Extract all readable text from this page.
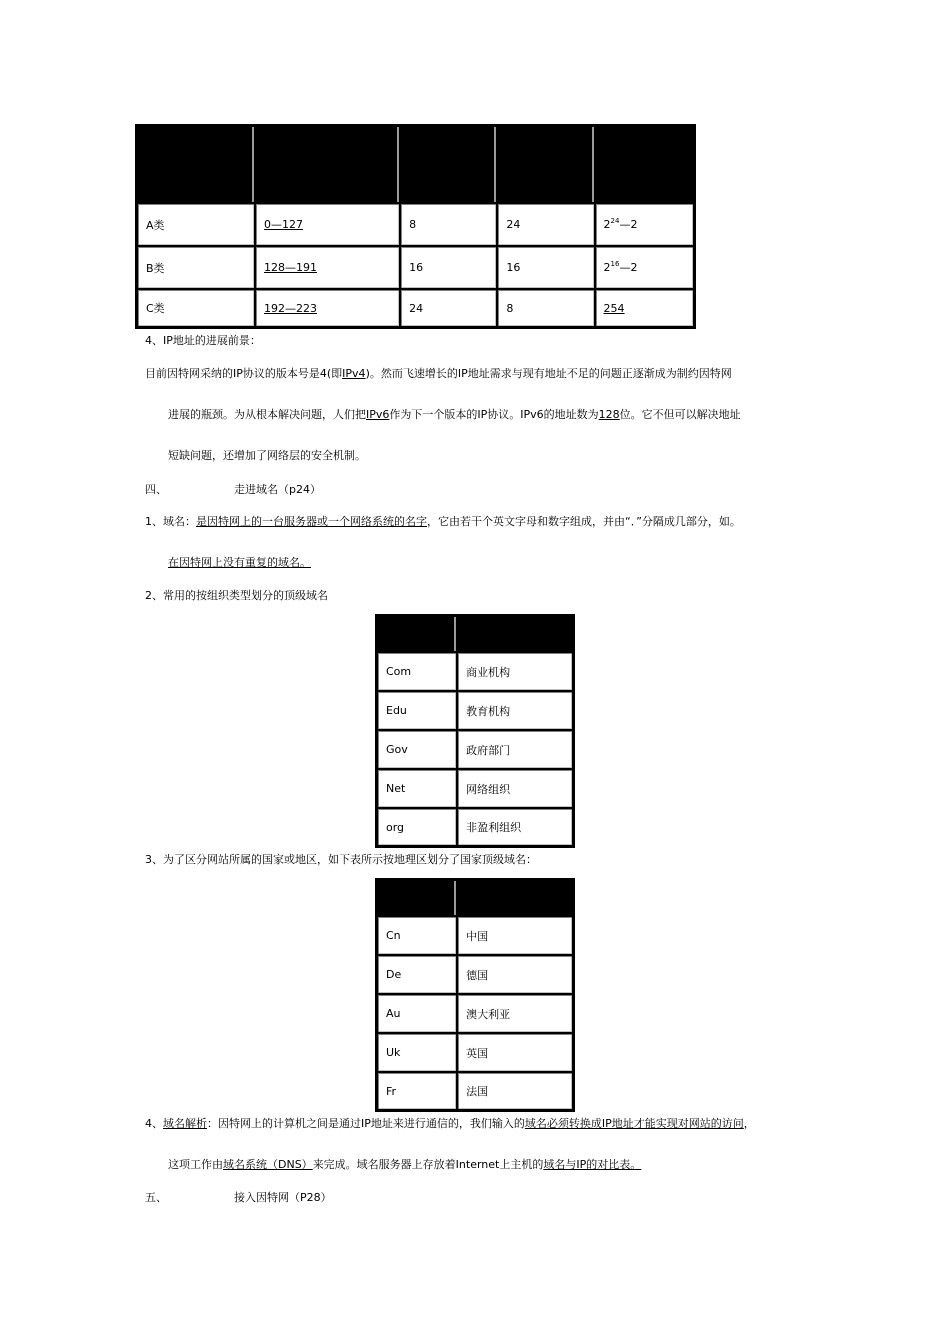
A类	0—127	8	24	$2^{24}—2$
B类	128—191	16	16	$2^{16}—2$
C类	192—223	24	8	254
4、IP地址的进展前景：
目前因特网采纳的IP协议的版本号是4(即IPv4)。然而飞速增长的IP地址需求与现有地址不足的问题正逐渐成为制约因特网
进展的瓶颈。为从根本解决问题，人们把IPv6作为下一个版本的IP协议。IPv6的地址数为128位。它不但可以解决地址
短缺问题，还增加了网络层的安全机制。
四、	走进域名（p24）
1、域名：是因特网上的一台服务器或一个网络系统的名字，它由若干个英文字母和数字组成，并由“．”分隔成几部分，如。
在因特网上没有重复的域名。
2、常用的按组织类型划分的顶级域名

Com	商业机构
Edu	教育机构
Gov	政府部门
Net	网络组织
org	非盈利组织
3、为了区分网站所属的国家或地区，如下表所示按地理区划分了国家顶级域名：

Cn	中国
De	德国
Au	澳大利亚
Uk	英国
Fr	法国
4、域名解析：因特网上的计算机之间是通过IP地址来进行通信的，我们输入的域名必须转换成IP地址才能实现对网站的访问，
这项工作由域名系统（DNS）来完成。域名服务器上存放着Internet上主机的域名与IP的对比表。
五、	接入因特网（P28）
